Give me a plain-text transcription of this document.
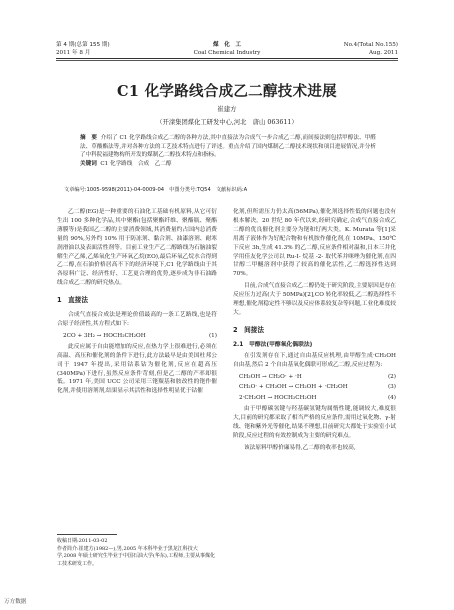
第 4 期(总第 155 期)
2011 年 8 月
煤　化　工
Coal Chemical Industry
No.4(Total No.155)
Aug. 2011
C1 化学路线合成乙二醇技术进展
崔建方
（开滦集团煤化工研发中心,河北　唐山 063611）
摘　要 介绍了 C1 化学路线合成乙二醇的各种方法,其中直接法为合成气一步合成乙二醇,而间接法则包括甲醇法、甲醛法、草酸酯法等,并对各种方法的工艺技术特点进行了评述。重点介绍了国内煤制乙二醇技术现状和项目进展情况,并分析了中科院福建物构所开发的煤制乙二醇技术特点和指标。
关键词 C1 化学路线　合成　乙二醇
文章编号:1005-9598(2011)-04-0009-04　中图分类号:TQ54　文献标识码:A

乙二醇(EG)是一种重要的石油化工基础有机原料,从它可衍生出 100 多种化学品,其中聚酯(包括聚酯纤维、聚酯瓶、聚酯薄膜等)是我国乙二醇的主要消费领域,其消费量约占国内总消费量的 90%,另外约 10% 用于防冻剂、黏合剂、油漆溶剂、耐寒润滑油以及表面活性剂等。目前工业生产乙二醇路线为石脑油裂解生产乙烯,乙烯氧化生产环氧乙烷(EO),最后环氧乙烷水合得到乙二醇,在石油价格居高不下的经济环境下,C1 化学路线由于其各原料广泛、经济性好、工艺更合理的优势,逐步成为非石油路线合成乙二醇的研究热点。

1　直接法

合成气直接合成法是理论价值最高的一条工艺路线,也是符合原子经济性,其方程式如下:

2CO + 3H₂ → HOCH₂CH₂OH	(1)

此反应属于自由能增加的反应,在热力学上很难进行,必须在高温、高压和催化剂的条件下进行,此方法最早是由美国杜邦公司于 1947 年提出,采用钴系钴为催化剂,反应在超高压(340MPa)下进行,虽然反应条件苛刻,但是乙二醇的产率却很低。1971 年,美国 UCC 公司采用三铑羰基和胺改性的铑作催化剂,并使用溶剂剂,结果显示其活性和选择性明显优于钴催

收稿日期:2011-03-02
作者简介:崔建方(1982—),男,2005 年本科毕业于黑龙江科技大学,2008 年硕士研究生毕业于中国石油大学(华东),工程师,主要从事煤化工技术研发工作。

化剂,但所需压力仍太高(56MPa),催化剂选择性低的问题也没有根本解决。20 世纪 80 年代以来,经研究确定,合成气直接合成乙二醇的优良催化剂主要分为铑和钌两大类。K. Murata 等[1]采用离子液体作为钌配合物和有机胺作催化剂,在 10MPa、150℃下反应 3h,生成 41.3% 的乙二醇,反应条件相对温和,日本三井化学用佳友化学公司以 Ru-I- 烷基 -2- 取代苯并咪唑为催化剂,在四甘醇二甲醚溶剂中获得了较高的催化活性,乙二醇选择性达到 70%。

目前,合成气直接合成乙二醇仍处于研究阶段,主要原因是存在反应压力过高(大于 50MPa)[2],CO 转化率较低,乙二醇选择性不理想,催化剂稳定性不够以及反应体系较复杂等问题,工业化难度较大。

2　间接法
2.1　甲醇法(甲醇氧化偶联法)

在引发剂存在下,通过自由基反应机理,由甲醇生成·CH₂OH 自由基,然后 2 个自由基氧化偶联可形成乙二醇,反应过程为:

CH₃OH → CH₂O· + ·H	(2)
CH₂O· + CH₃OH → CH₂OH + ·CH₂OH	(3)
2·CH₂OH → HOCH₂CH₂OH	(4)

由于甲醇碳氢键与羟基碳氢键均属惰性键,能调较大,难度很大,目前的研究都采取了相当严格的反应条件,需用过氧化物、γ-射线、铑和紫外光等催化,结果不理想,目前研究大都处于实验室小试阶段,反应过程的有效控制成为主要的研究难点。

该法原料甲醇价廉易得,乙二醇的收率也较高,

万方数据
